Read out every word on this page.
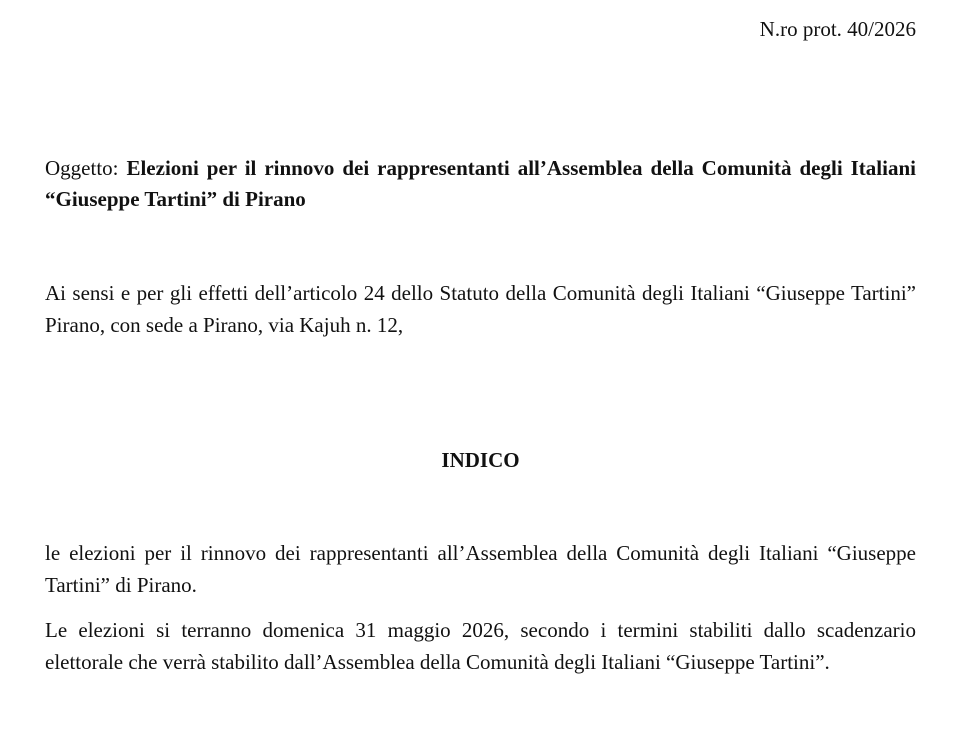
N.ro prot. 40/2026
Oggetto: Elezioni per il rinnovo dei rappresentanti all’Assemblea della Comunità degli Italiani “Giuseppe Tartini” di Pirano

Ai sensi e per gli effetti dell’articolo 24 dello Statuto della Comunità degli Italiani “Giuseppe Tartini” Pirano, con sede a Pirano, via Kajuh n. 12,

INDICO

le elezioni per il rinnovo dei rappresentanti all’Assemblea della Comunità degli Italiani “Giuseppe Tartini” di Pirano.

Le elezioni si terranno domenica 31 maggio 2026, secondo i termini stabiliti dallo scadenzario elettorale che verrà stabilito dall’Assemblea della Comunità degli Italiani “Giuseppe Tartini”.
